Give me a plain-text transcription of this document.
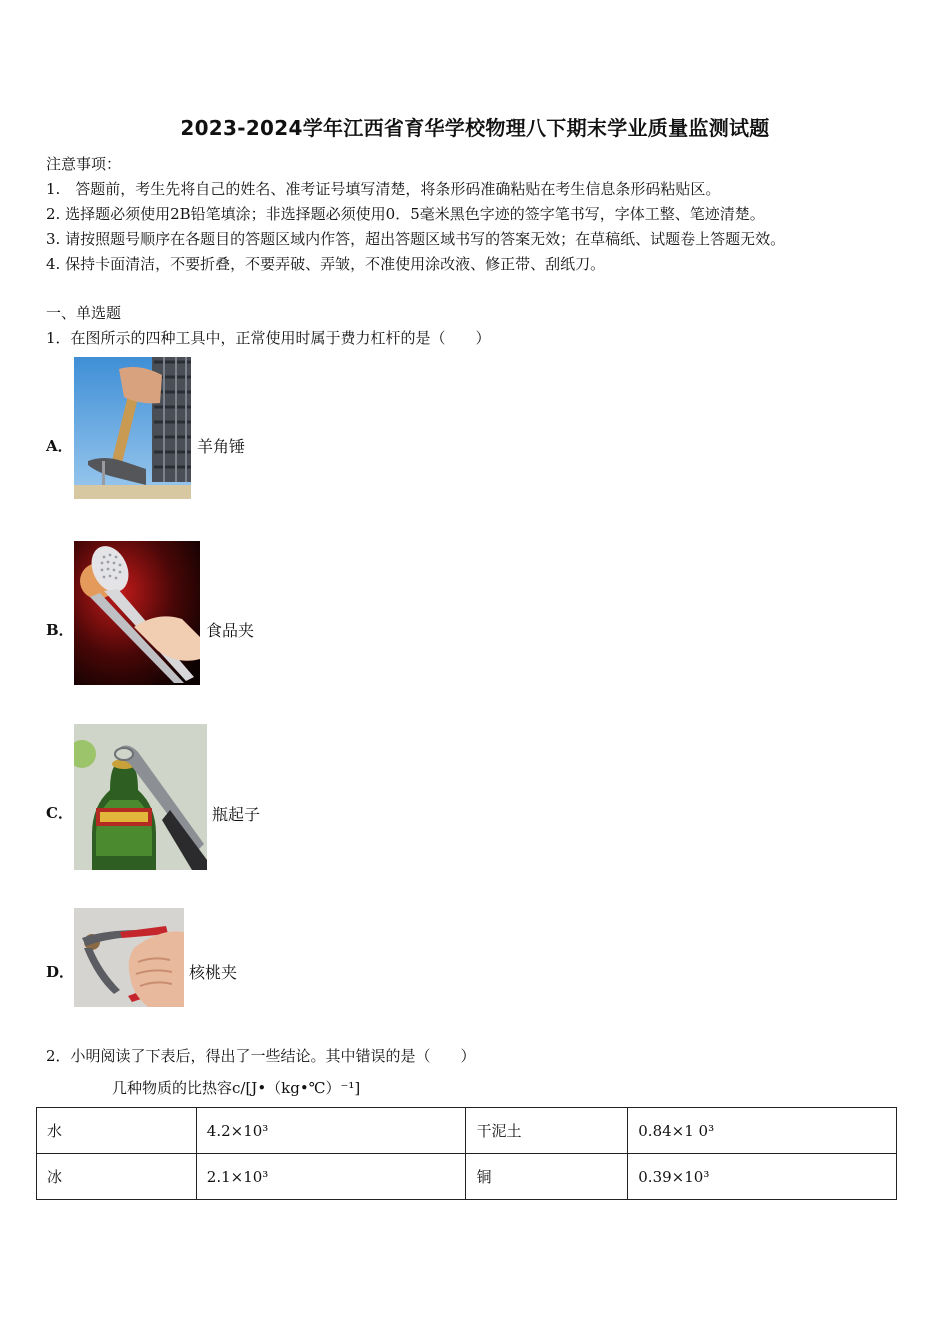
2023-2024学年江西省育华学校物理八下期末学业质量监测试题
注意事项：
1.　答题前，考生先将自己的姓名、准考证号填写清楚，将条形码准确粘贴在考生信息条形码粘贴区。
2. 选择题必须使用2B铅笔填涂；非选择题必须使用0．5毫米黑色字迹的签字笔书写，字体工整、笔迹清楚。
3. 请按照题号顺序在各题目的答题区域内作答，超出答题区域书写的答案无效；在草稿纸、试题卷上答题无效。
4. 保持卡面清洁，不要折叠，不要弄破、弄皱，不准使用涂改液、修正带、刮纸刀。
一、单选题
1．在图所示的四种工具中，正常使用时属于费力杠杆的是（　　）
A．	羊角锤
B．	食品夹
C．	瓶起子
D．	核桃夹
2．小明阅读了下表后，得出了一些结论。其中错误的是（　　）
几种物质的比热容c/[J•（kg•℃）⁻¹]
水	4.2×10³	干泥土	0.84×1 0³
冰	2.1×10³	铜	0.39×10³
